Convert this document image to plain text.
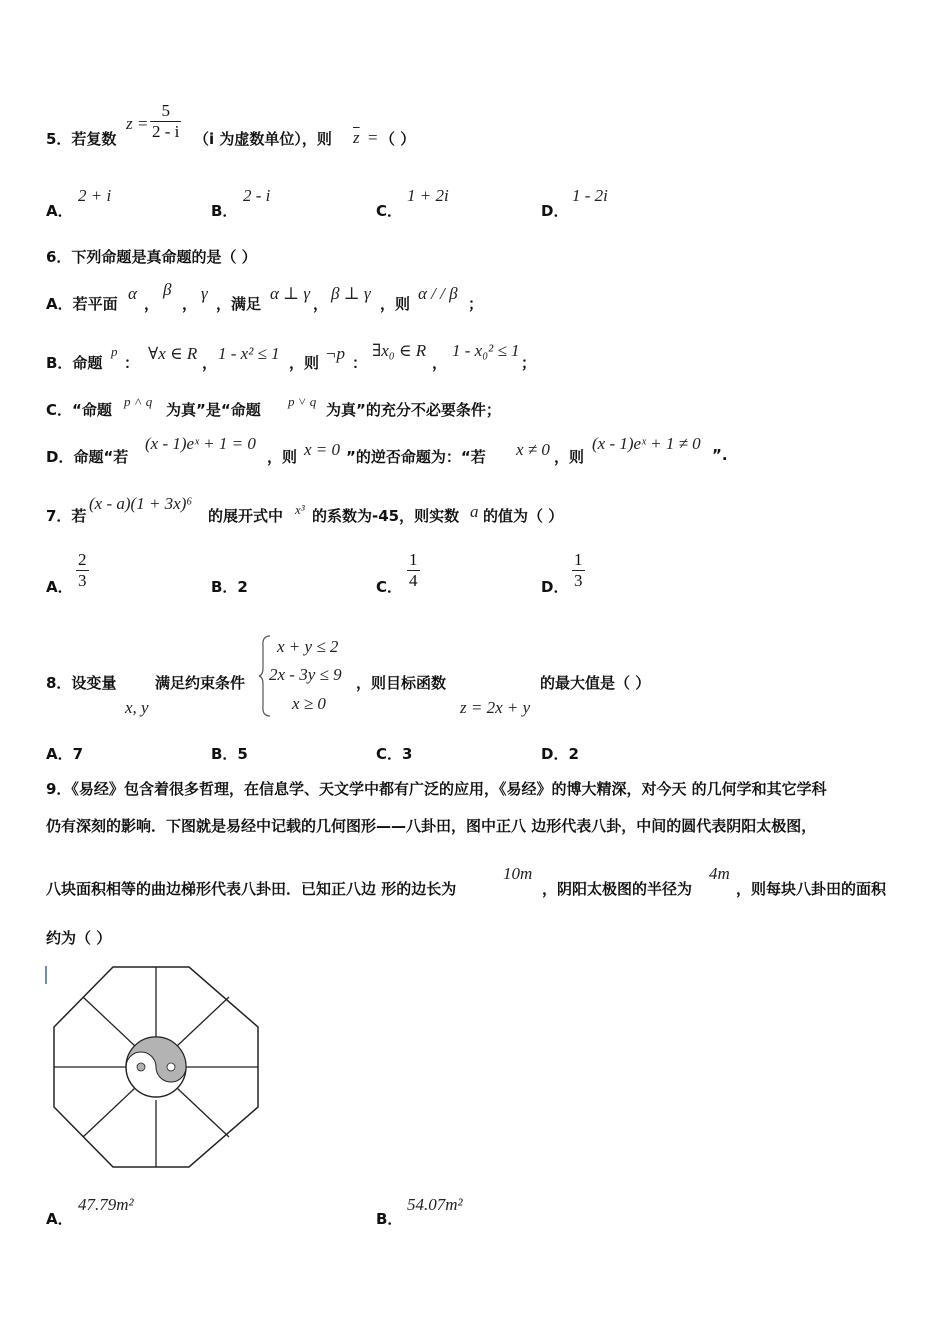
5．若复数
$z = \frac{5}{2 - i} (i$ 为虚数单位），则 $\overline{z}$ = （ ）
A．
2 + i
B．
2 - i
C．
1 + 2i
D．
1 - 2i
6．下列命题是真命题的是（ ）
A．若平面
α
，
β
，
γ
，满足
α ⊥ γ
，
β ⊥ γ
，则
α / / β
；
B．命题
p
： ∀x ∈ R ， 1 - x² ≤ 1 ，则 ¬p ：
∃x₀ ∈ R
，
1 - x₀² ≤ 1
；
C．“命题	p ˅ q
为真”是“命题
p ˄ q	为真”的充分不必要条件；
D．命题“若
(x - 1)eˣ + 1 = 0
，则 x = 0 ”的逆否命题为：“若 x ≠ 0 ，则
(x - 1)eˣ + 1 ≠ 0
”.
7．若
(x - a)(1 + 3x)⁶
的展开式中 x³ 的系数为-45，则实数 a 的值为（ ）
A． $\frac{2}{3}$	B．2	C． $\frac{1}{4}$	D． $\frac{1}{3}$
8．设变量
x, y
满足约束条件
x + y ≤ 2
2x - 3y ≤ 9
x ≥ 0
，则目标函数
z = 2x + y
的最大值是（ ）
A．7	B．5	C．3	D．2
9．《易经》包含着很多哲理，在信息学、天文学中都有广泛的应用，《易经》的博大精深，对今天 的几何学和其它学科
仍有深刻的影响．下图就是易经中记载的几何图形——八卦田，图中正八 边形代表八卦，中间的圆代表阴阳太极图，
八块面积相等的曲边梯形代表八卦田．已知正八边 形的边长为
10m
，阴阳太极图的半径为
4m
，则每块八卦田的面积
约为（ ）
A．
47.79m²
B．
54.07m²
